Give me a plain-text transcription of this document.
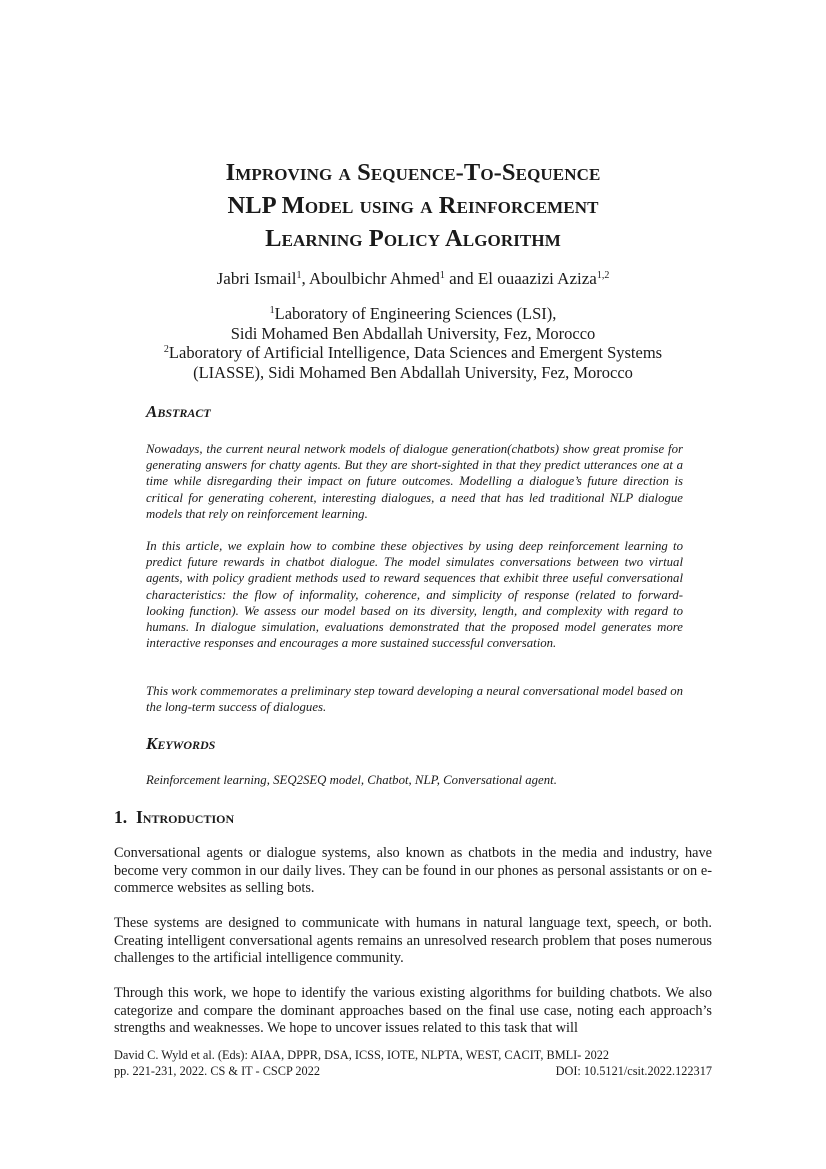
Improving a Sequence-To-Sequence
NLP Model using a Reinforcement
Learning Policy Algorithm
Jabri Ismail$^1$, Aboulbichr Ahmed$^1$ and El ouaazizi Aziza$^{1,2}$
$^1$Laboratory of Engineering Sciences (LSI),
Sidi Mohamed Ben Abdallah University, Fez, Morocco
$^2$Laboratory of Artificial Intelligence, Data Sciences and Emergent Systems
(LIASSE), Sidi Mohamed Ben Abdallah University, Fez, Morocco
Abstract

Nowadays, the current neural network models of dialogue generation(chatbots) show great promise for generating answers for chatty agents. But they are short-sighted in that they predict utterances one at a time while disregarding their impact on future outcomes. Modelling a dialogue’s future direction is critical for generating coherent, interesting dialogues, a need that has led traditional NLP dialogue models that rely on reinforcement learning.

In this article, we explain how to combine these objectives by using deep reinforcement learning to predict future rewards in chatbot dialogue. The model simulates conversations between two virtual agents, with policy gradient methods used to reward sequences that exhibit three useful conversational characteristics: the flow of informality, coherence, and simplicity of response (related to forward-looking function). We assess our model based on its diversity, length, and complexity with regard to humans. In dialogue simulation, evaluations demonstrated that the proposed model generates more interactive responses and encourages a more sustained successful conversation.

This work commemorates a preliminary step toward developing a neural conversational model based on the long-term success of dialogues.

Keywords

Reinforcement learning, SEQ2SEQ model, Chatbot, NLP, Conversational agent.

1. Introduction

Conversational agents or dialogue systems, also known as chatbots in the media and industry, have become very common in our daily lives. They can be found in our phones as personal assistants or on e-commerce websites as selling bots.

These systems are designed to communicate with humans in natural language text, speech, or both. Creating intelligent conversational agents remains an unresolved research problem that poses numerous challenges to the artificial intelligence community.

Through this work, we hope to identify the various existing algorithms for building chatbots. We also categorize and compare the dominant approaches based on the final use case, noting each approach’s strengths and weaknesses. We hope to uncover issues related to this task that will

David C. Wyld et al. (Eds): AIAA, DPPR, DSA, ICSS, IOTE, NLPTA, WEST, CACIT, BMLI- 2022
pp. 221-231, 2022. CS & IT - CSCP 2022	DOI: 10.5121/csit.2022.122317
